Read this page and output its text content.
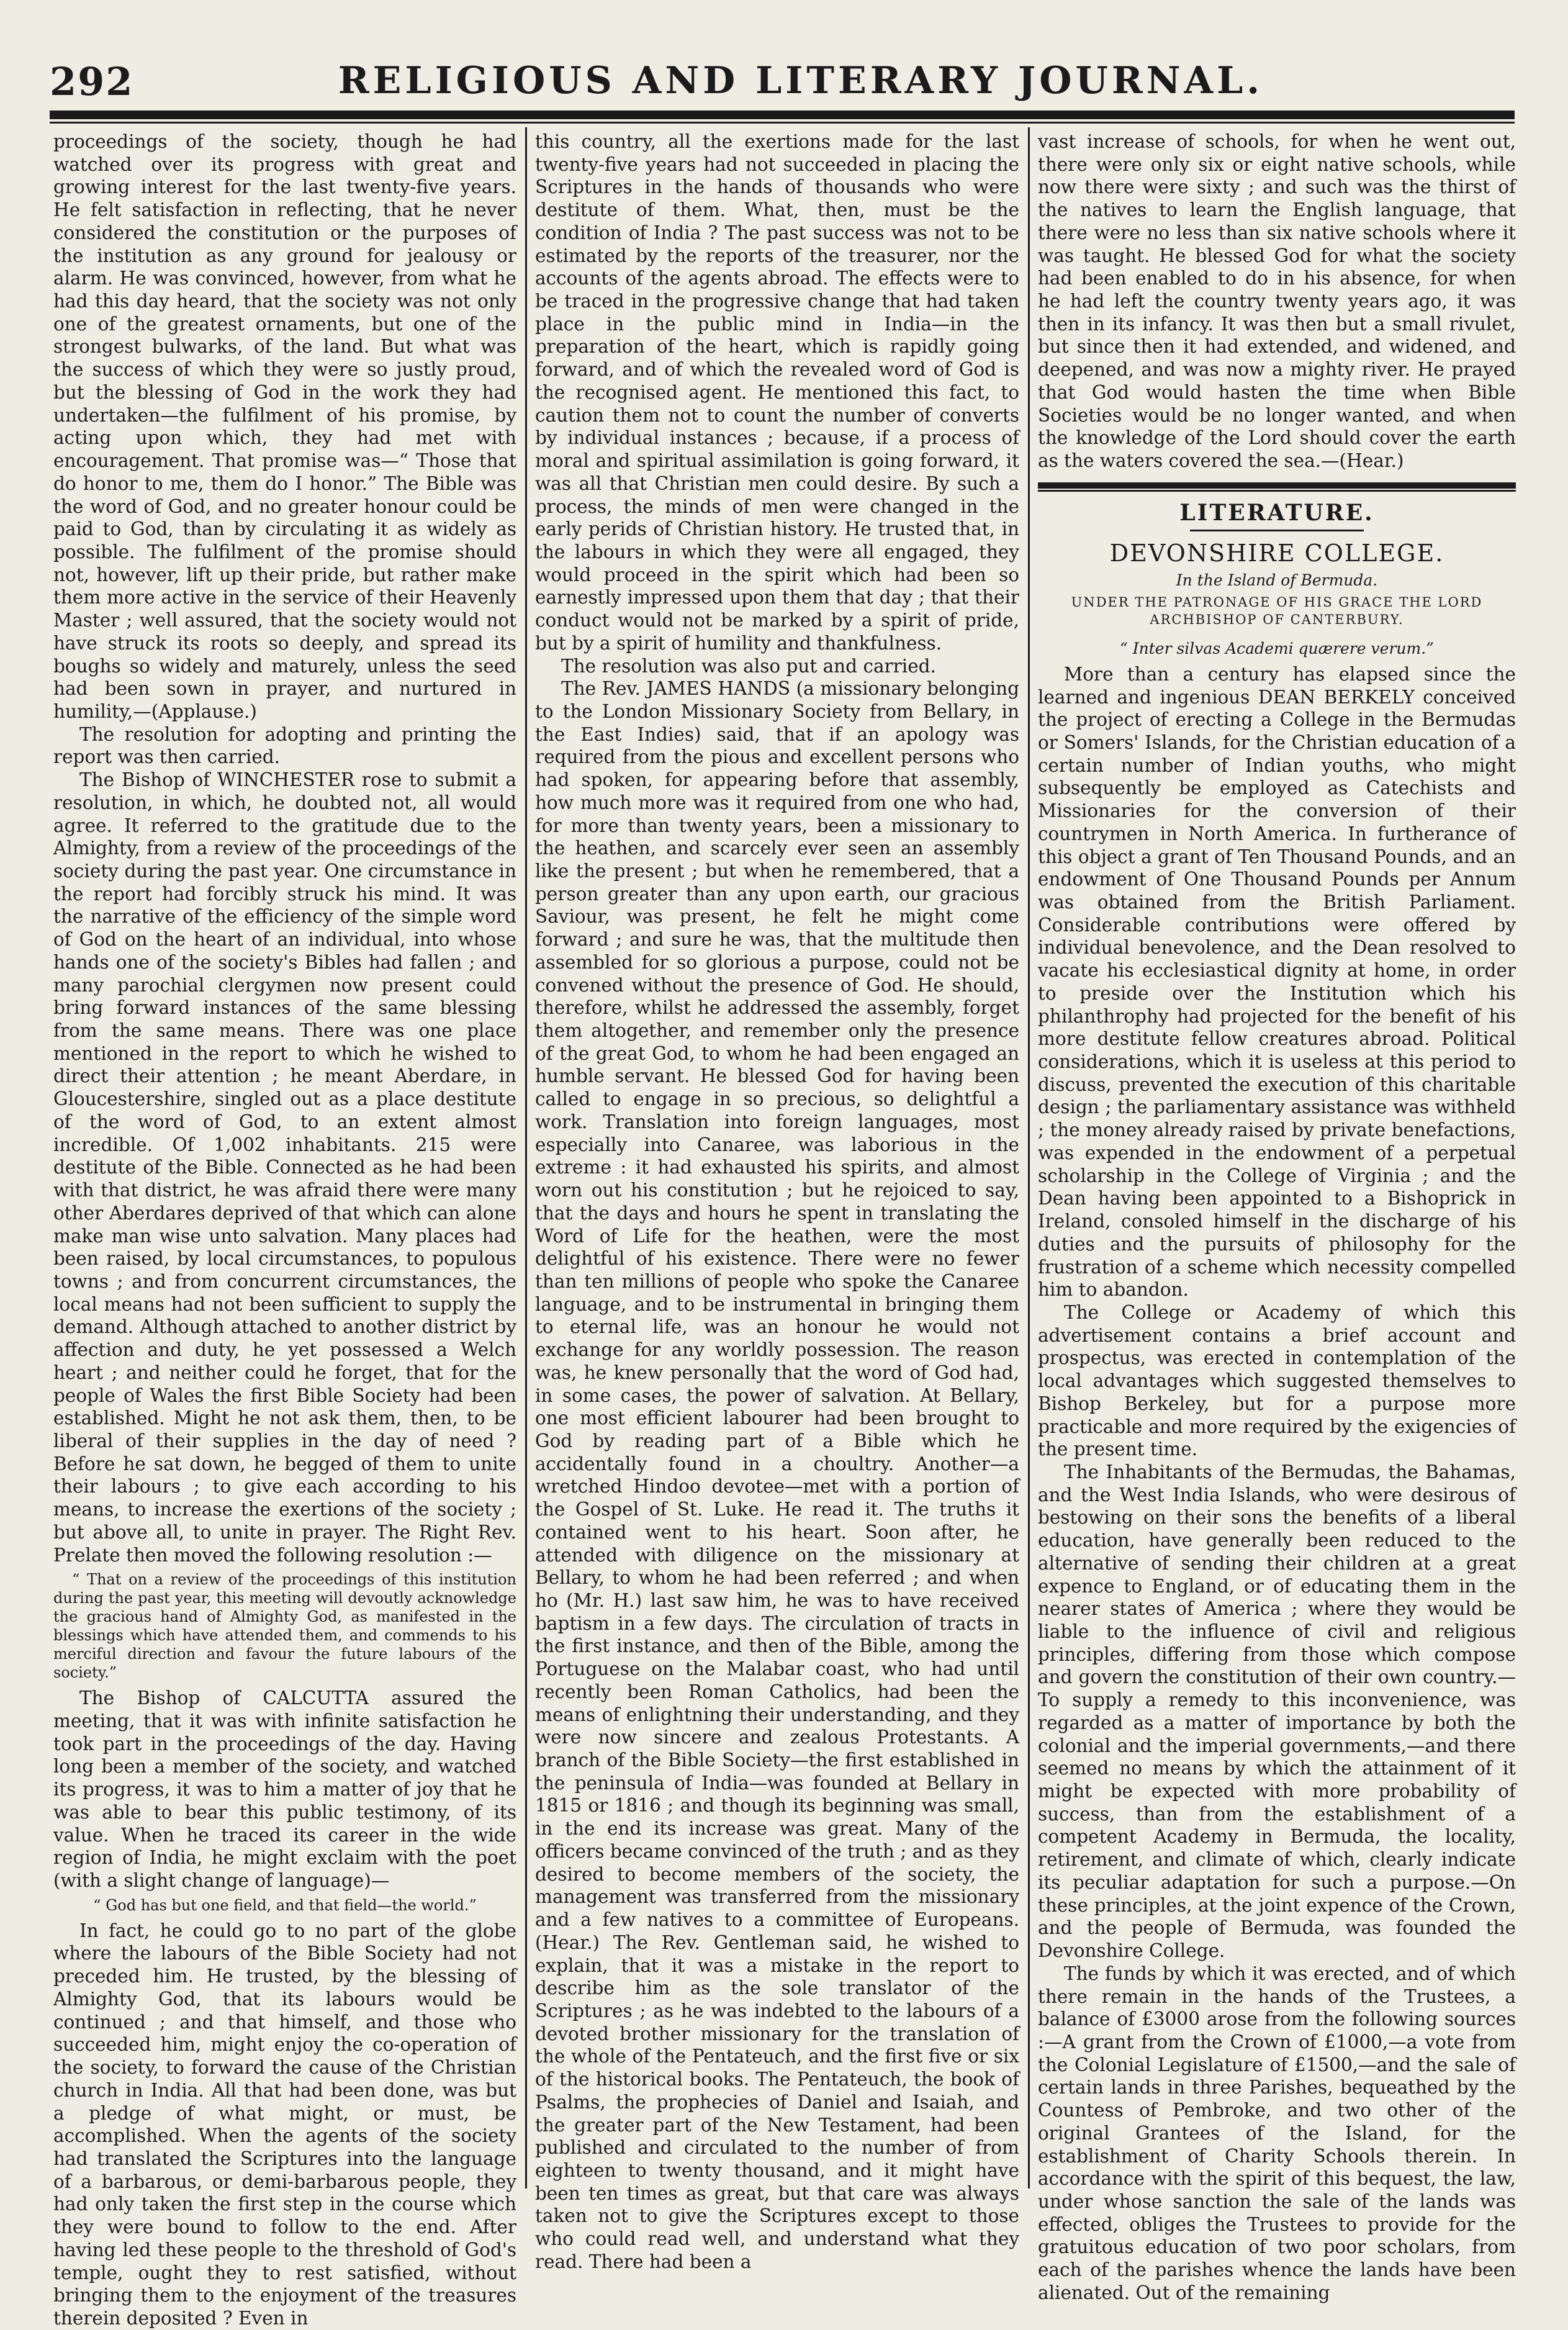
292	RELIGIOUS AND LITERARY JOURNAL.

proceedings of the society, though he had watched over its progress with great and growing interest for the last twenty-five years. He felt satisfaction in reflecting, that he never considered the constitution or the purposes of the institution as any ground for jealousy or alarm. He was convinced, however, from what he had this day heard, that the society was not only one of the greatest ornaments, but one of the strongest bulwarks, of the land. But what was the success of which they were so justly proud, but the blessing of God in the work they had undertaken—the fulfilment of his promise, by acting upon which, they had met with encouragement. That promise was—“ Those that do honor to me, them do I honor.” The Bible was the word of God, and no greater honour could be paid to God, than by circulating it as widely as possible. The fulfilment of the promise should not, however, lift up their pride, but rather make them more active in the service of their Heavenly Master ; well assured, that the society would not have struck its roots so deeply, and spread its boughs so widely and maturely, unless the seed had been sown in prayer, and nurtured in humility,—(Applause.)

The resolution for adopting and printing the report was then carried.

The Bishop of WINCHESTER rose to submit a resolution, in which, he doubted not, all would agree. It referred to the gratitude due to the Almighty, from a review of the proceedings of the society during the past year. One circumstance in the report had forcibly struck his mind. It was the narrative of the efficiency of the simple word of God on the heart of an individual, into whose hands one of the society's Bibles had fallen ; and many parochial clergymen now present could bring forward instances of the same blessing from the same means. There was one place mentioned in the report to which he wished to direct their attention ; he meant Aberdare, in Gloucestershire, singled out as a place destitute of the word of God, to an extent almost incredible. Of 1,002 inhabitants. 215 were destitute of the Bible. Connected as he had been with that district, he was afraid there were many other Aberdares deprived of that which can alone make man wise unto salvation. Many places had been raised, by local circumstances, to populous towns ; and from concurrent circumstances, the local means had not been sufficient to supply the demand. Although attached to another district by affection and duty, he yet possessed a Welch heart ; and neither could he forget, that for the people of Wales the first Bible Society had been established. Might he not ask them, then, to be liberal of their supplies in the day of need ? Before he sat down, he begged of them to unite their labours ; to give each according to his means, to increase the exertions of the society ; but above all, to unite in prayer. The Right Rev. Prelate then moved the following resolution :—

“ That on a review of the proceedings of this institution during the past year, this meeting will devoutly acknowledge the gracious hand of Almighty God, as manifested in the blessings which have attended them, and commends to his merciful direction and favour the future labours of the society.”

The Bishop of CALCUTTA assured the meeting, that it was with infinite satisfaction he took part in the proceedings of the day. Having long been a member of the society, and watched its progress, it was to him a matter of joy that he was able to bear this public testimony, of its value. When he traced its career in the wide region of India, he might exclaim with the poet (with a slight change of language)—

“ God has but one field, and that field—the world.”

In fact, he could go to no part of the globe where the labours of the Bible Society had not preceded him. He trusted, by the blessing of Almighty God, that its labours would be continued ; and that himself, and those who succeeded him, might enjoy the co-operation of the society, to forward the cause of the Christian church in India. All that had been done, was but a pledge of what might, or must, be accomplished. When the agents of the society had translated the Scriptures into the language of a barbarous, or demi-barbarous people, they had only taken the first step in the course which they were bound to follow to the end. After having led these people to the threshold of God's temple, ought they to rest satisfied, without bringing them to the enjoyment of the treasures therein deposited ? Even in

this country, all the exertions made for the last twenty-five years had not succeeded in placing the Scriptures in the hands of thousands who were destitute of them. What, then, must be the condition of India ? The past success was not to be estimated by the reports of the treasurer, nor the accounts of the agents abroad. The effects were to be traced in the progressive change that had taken place in the public mind in India—in the preparation of the heart, which is rapidly going forward, and of which the revealed word of God is the recognised agent. He mentioned this fact, to caution them not to count the number of converts by individual instances ; because, if a process of moral and spiritual assimilation is going forward, it was all that Christian men could desire. By such a process, the minds of men were changed in the early perids of Christian history. He trusted that, in the labours in which they were all engaged, they would proceed in the spirit which had been so earnestly impressed upon them that day ; that their conduct would not be marked by a spirit of pride, but by a spirit of humility and thankfulness.

The resolution was also put and carried.

The Rev. JAMES HANDS (a missionary belonging to the London Missionary Society from Bellary, in the East Indies) said, that if an apology was required from the pious and excellent persons who had spoken, for appearing before that assembly, how much more was it required from one who had, for more than twenty years, been a missionary to the heathen, and scarcely ever seen an assembly like the present ; but when he remembered, that a person greater than any upon earth, our gracious Saviour, was present, he felt he might come forward ; and sure he was, that the multitude then assembled for so glorious a purpose, could not be convened without the presence of God. He should, therefore, whilst he addressed the assembly, forget them altogether, and remember only the presence of the great God, to whom he had been engaged an humble servant. He blessed God for having been called to engage in so precious, so delightful a work. Translation into foreign languages, most especially into Canaree, was laborious in the extreme : it had exhausted his spirits, and almost worn out his constitution ; but he rejoiced to say, that the days and hours he spent in translating the Word of Life for the heathen, were the most delightful of his existence. There were no fewer than ten millions of people who spoke the Canaree language, and to be instrumental in bringing them to eternal life, was an honour he would not exchange for any worldly possession. The reason was, he knew personally that the word of God had, in some cases, the power of salvation. At Bellary, one most efficient labourer had been brought to God by reading part of a Bible which he accidentally found in a choultry. Another—a wretched Hindoo devotee—met with a portion of the Gospel of St. Luke. He read it. The truths it contained went to his heart. Soon after, he attended with diligence on the missionary at Bellary, to whom he had been referred ; and when ho (Mr. H.) last saw him, he was to have received baptism in a few days. The circulation of tracts in the first instance, and then of the Bible, among the Portuguese on the Malabar coast, who had until recently been Roman Catholics, had been the means of enlightning their understanding, and they were now sincere and zealous Protestants. A branch of the Bible Society—the first established in the peninsula of India—was founded at Bellary in 1815 or 1816 ; and though its beginning was small, in the end its increase was great. Many of the officers became convinced of the truth ; and as they desired to become members of the society, the management was transferred from the missionary and a few natives to a committee of Europeans. (Hear.) The Rev. Gentleman said, he wished to explain, that it was a mistake in the report to describe him as the sole translator of the Scriptures ; as he was indebted to the labours of a devoted brother missionary for the translation of the whole of the Pentateuch, and the first five or six of the historical books. The Pentateuch, the book of Psalms, the prophecies of Daniel and Isaiah, and the greater part of the New Testament, had been published and circulated to the number of from eighteen to twenty thousand, and it might have been ten times as great, but that care was always taken not to give the Scriptures except to those who could read well, and understand what they read. There had been a

vast increase of schools, for when he went out, there were only six or eight native schools, while now there were sixty ; and such was the thirst of the natives to learn the English language, that there were no less than six native schools where it was taught. He blessed God for what the society had been enabled to do in his absence, for when he had left the country twenty years ago, it was then in its infancy. It was then but a small rivulet, but since then it had extended, and widened, and deepened, and was now a mighty river. He prayed that God would hasten the time when Bible Societies would be no longer wanted, and when the knowledge of the Lord should cover the earth as the waters covered the sea.—(Hear.)

LITERATURE.
DEVONSHIRE COLLEGE.
In the Island of Bermuda.
UNDER THE PATRONAGE OF HIS GRACE THE LORD ARCHBISHOP OF CANTERBURY.
“ Inter silvas Academi quærere verum.”

More than a century has elapsed since the learned and ingenious DEAN BERKELY conceived the project of erecting a College in the Bermudas or Somers' Islands, for the Christian education of a certain number of Indian youths, who might subsequently be employed as Catechists and Missionaries for the conversion of their countrymen in North America. In furtherance of this object a grant of Ten Thousand Pounds, and an endowment of One Thousand Pounds per Annum was obtained from the British Parliament. Considerable contributions were offered by individual benevolence, and the Dean resolved to vacate his ecclesiastical dignity at home, in order to preside over the Institution which his philanthrophy had projected for the benefit of his more destitute fellow creatures abroad. Political considerations, which it is useless at this period to discuss, prevented the execution of this charitable design ; the parliamentary assistance was withheld ; the money already raised by private benefactions, was expended in the endowment of a perpetual scholarship in the College of Virginia ; and the Dean having been appointed to a Bishoprick in Ireland, consoled himself in the discharge of his duties and the pursuits of philosophy for the frustration of a scheme which necessity compelled him to abandon.

The College or Academy of which this advertisement contains a brief account and prospectus, was erected in contemplation of the local advantages which suggested themselves to Bishop Berkeley, but for a purpose more practicable and more required by the exigencies of the present time.

The Inhabitants of the Bermudas, the Bahamas, and the West India Islands, who were desirous of bestowing on their sons the benefits of a liberal education, have generally been reduced to the alternative of sending their children at a great expence to England, or of educating them in the nearer states of America ; where they would be liable to the influence of civil and religious principles, differing from those which compose and govern the constitution of their own country.—To supply a remedy to this inconvenience, was regarded as a matter of importance by both the colonial and the imperial governments,—and there seemed no means by which the attainment of it might be expected with more probability of success, than from the establishment of a competent Academy in Bermuda, the locality, retirement, and climate of which, clearly indicate its peculiar adaptation for such a purpose.—On these principles, at the joint expence of the Crown, and the people of Bermuda, was founded the Devonshire College.

The funds by which it was erected, and of which there remain in the hands of the Trustees, a balance of £3000 arose from the following sources :—A grant from the Crown of £1000,—a vote from the Colonial Legislature of £1500,—and the sale of certain lands in three Parishes, bequeathed by the Countess of Pembroke, and two other of the original Grantees of the Island, for the establishment of Charity Schools therein. In accordance with the spirit of this bequest, the law, under whose sanction the sale of the lands was effected, obliges the Trustees to provide for the gratuitous education of two poor scholars, from each of the parishes whence the lands have been alienated. Out of the remaining
